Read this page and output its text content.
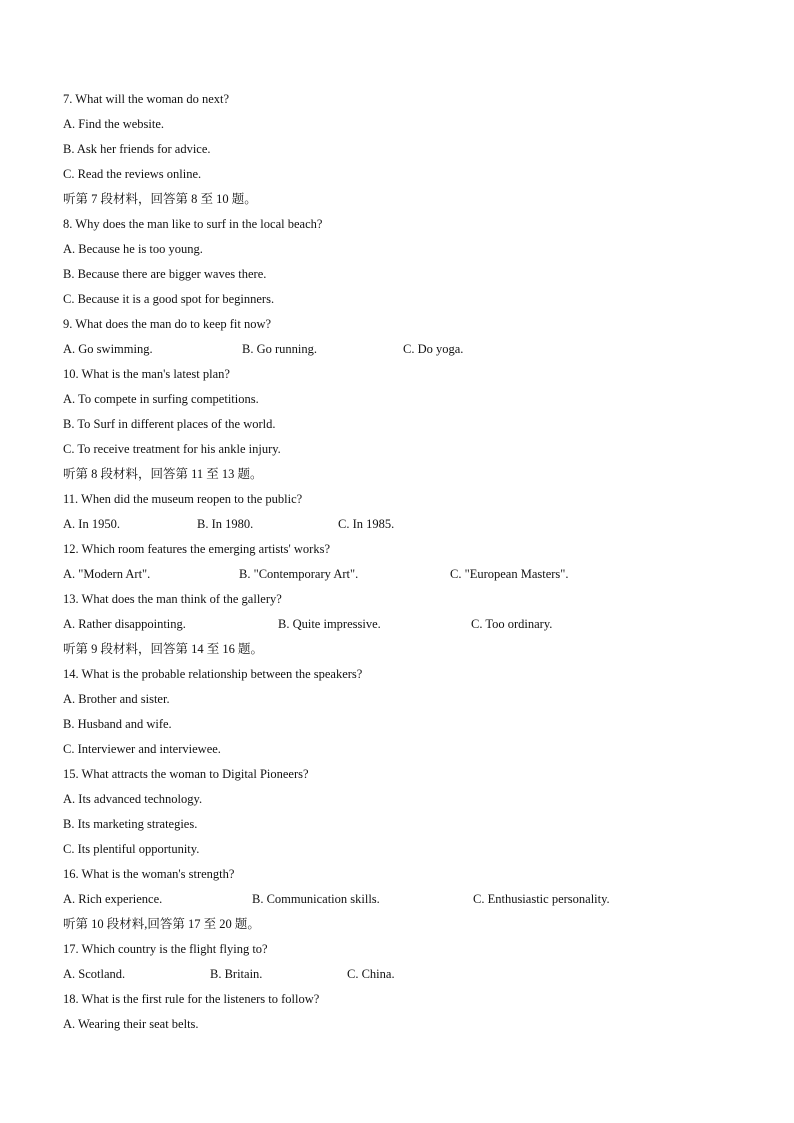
7. What will the woman do next?
A. Find the website.
B. Ask her friends for advice.
C. Read the reviews online.
听第 7 段材料，回答第 8 至 10 题。
8. Why does the man like to surf in the local beach?
A. Because he is too young.
B. Because there are bigger waves there.
C. Because it is a good spot for beginners.
9. What does the man do to keep fit now?
A. Go swimming.	B. Go running.	C. Do yoga.
10. What is the man's latest plan?
A. To compete in surfing competitions.
B. To Surf in different places of the world.
C. To receive treatment for his ankle injury.
听第 8 段材料，回答第 11 至 13 题。
11. When did the museum reopen to the public?
A. In 1950.	B. In 1980.	C. In 1985.
12. Which room features the emerging artists' works?
A. "Modern Art".	B. "Contemporary Art".	C. "European Masters".
13. What does the man think of the gallery?
A. Rather disappointing.	B. Quite impressive.	C. Too ordinary.
听第 9 段材料，回答第 14 至 16 题。
14. What is the probable relationship between the speakers?
A. Brother and sister.
B. Husband and wife.
C. Interviewer and interviewee.
15. What attracts the woman to Digital Pioneers?
A. Its advanced technology.
B. Its marketing strategies.
C. Its plentiful opportunity.
16. What is the woman's strength?
A. Rich experience.	B. Communication skills.	C. Enthusiastic personality.
听第 10 段材料,回答第 17 至 20 题。
17. Which country is the flight flying to?
A. Scotland.	B. Britain.	C. China.
18. What is the first rule for the listeners to follow?
A. Wearing their seat belts.
